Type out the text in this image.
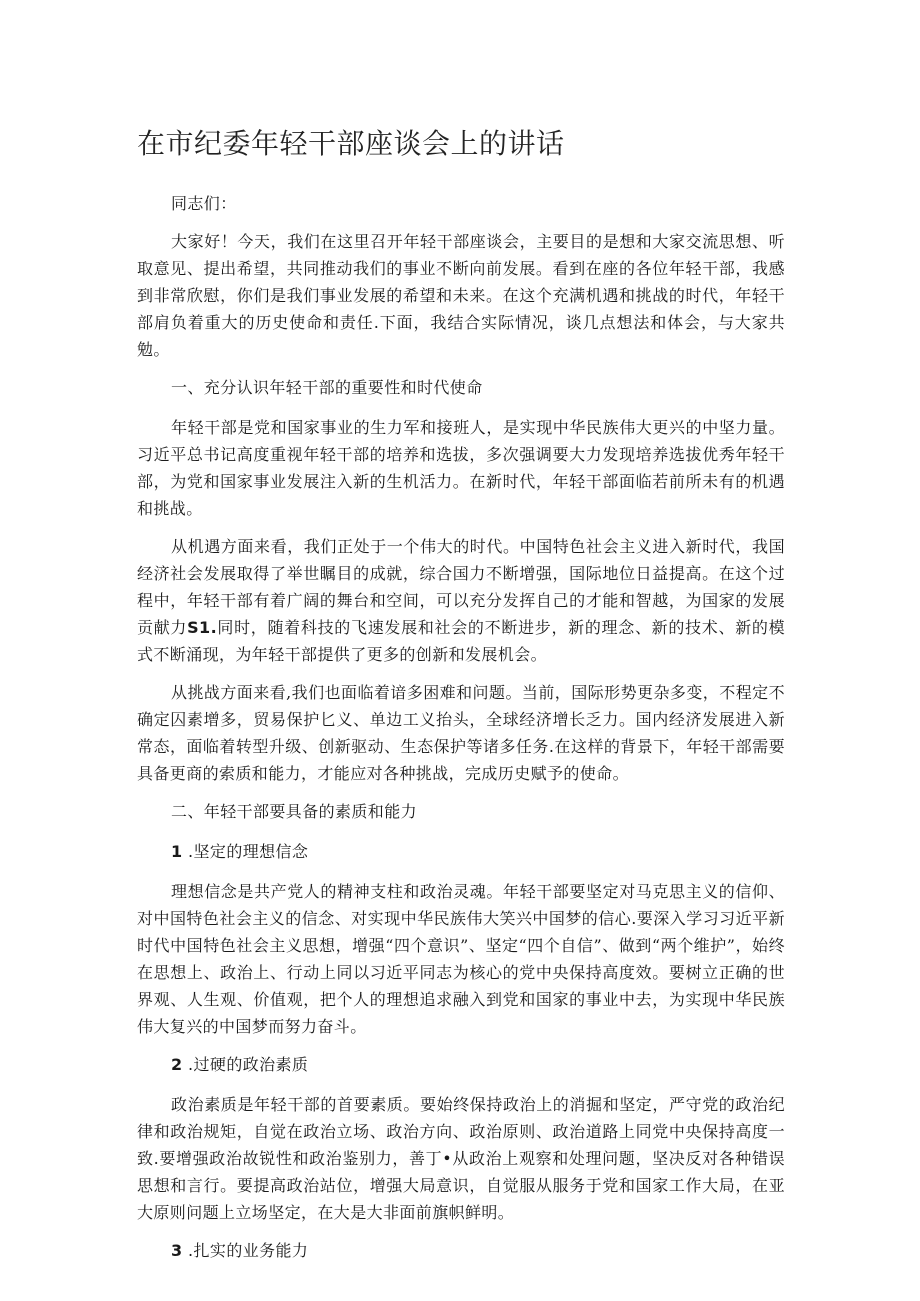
在市纪委年轻干部座谈会上的讲话

同志们：

大家好！今天，我们在这里召开年轻干部座谈会，主要目的是想和大家交流思想、听取意见、提出希望，共同推动我们的事业不断向前发展。看到在座的各位年轻干部，我感到非常欣慰，你们是我们事业发展的希望和未来。在这个充满机遇和挑战的时代，年轻干部肩负着重大的历史使命和责任.下面，我结合实际情况，谈几点想法和体会，与大家共勉。

一、充分认识年轻干部的重要性和时代使命

年轻干部是党和国家事业的生力军和接班人，是实现中华民族伟大更兴的中坚力量。习近平总书记高度重视年轻干部的培养和选拔，多次强调要大力发现培养选拔优秀年轻干部，为党和国家事业发展注入新的生机活力。在新时代，年轻干部面临若前所未有的机遇和挑战。

从机遇方面来看，我们正处于一个伟大的时代。中国特色社会主义进入新时代，我国经济社会发展取得了举世瞩目的成就，综合国力不断增强，国际地位日益提高。在这个过程中，年轻干部有着广阔的舞台和空间，可以充分发挥自己的才能和智越，为国家的发展贡献力S1.同时，随着科技的飞速发展和社会的不断进步，新的理念、新的技术、新的模式不断涌现，为年轻干部提供了更多的创新和发展机会。

从挑战方面来看,我们也面临着谙多困难和问题。当前，国际形势更杂多变，不程定不确定囚素增多，贸易保护匕义、单边工义抬头，全球经济增长乏力。国内经济发展进入新常态，面临着转型升级、创新驱动、生态保护等诸多任务.在这样的背景下，年轻干部需要具备更商的索质和能力，才能应对各种挑战，完成历史赋予的使命。

二、年轻干部要具备的素质和能力

1 .坚定的理想信念

理想信念是共产党人的精神支柱和政治灵魂。年轻干部要坚定对马克思主义的信仰、对中国特色社会主义的信念、对实现中华民族伟大笑兴中国梦的信心.要深入学习习近平新时代中国特色社会主义思想，增强“四个意识”、坚定“四个自信”、做到“两个维护”，始终在思想上、政治上、行动上同以习近平同志为核心的党中央保持高度效。要树立正确的世界观、人生观、价值观，把个人的理想追求融入到党和国家的事业中去，为实现中华民族伟大复兴的中国梦而努力奋斗。

2 .过硬的政治素质

政治素质是年轻干部的首要素质。要始终保持政治上的消掘和坚定，严守党的政治纪律和政治规矩，自觉在政治立场、政治方向、政治原则、政治道路上同党中央保持高度一致.要增强政治故锐性和政治鉴别力，善丁•从政治上观察和处理问题，坚决反对各种错误思想和言行。要提高政治站位，增强大局意识，自觉服从服务于党和国家工作大局，在亚大原则问题上立场坚定，在大是大非面前旗帜鲜明。

3 .扎实的业务能力
